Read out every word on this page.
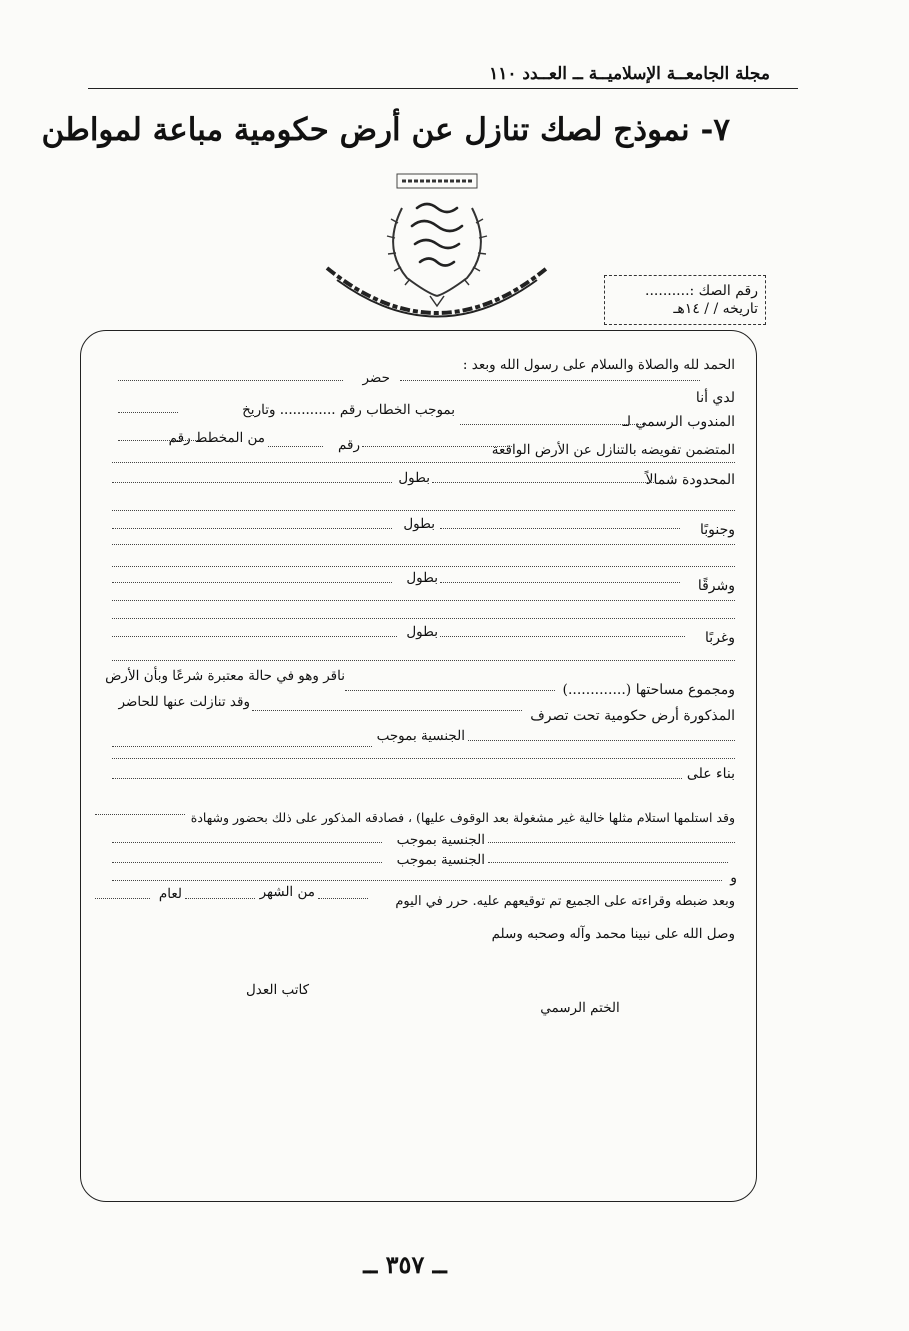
مجلة الجامعــة الإسلاميــة ــ العــدد ١١٠
٧- نموذج لصك تنازل عن أرض حكومية مباعة لمواطن
رقم الصك :..........
تاريخه / / ١٤هـ
الحمد لله والصلاة والسلام على رسول الله وبعد :
حضر
لدي أنا
بموجب الخطاب رقم ............. وتاريخ
المندوب الرسمي لـ
من المخطط رقم	رقم	المتضمن تفويضه بالتنازل عن الأرض الواقعة
بطول	المحدودة شمالاً
بطول	وجنوبًا
بطول	وشرقًا
بطول	وغربًا
ناقر وهو في حالة معتبرة شرعًا وبأن الأرض
ومجموع مساحتها (.............)
وقد تنازلت عنها للحاضر
المذكورة أرض حكومية تحت تصرف
الجنسية بموجب
بناء على
وقد استلمها استلام مثلها خالية غير مشغولة بعد الوقوف عليها) ، فصادقه المذكور على ذلك بحضور وشهادة
الجنسية بموجب
الجنسية بموجب
و
لعام	من الشهر
وبعد ضبطه وقراءته على الجميع تم توقيعهم عليه. حرر في اليوم
وصل الله على نبينا محمد وآله وصحبه وسلم
كاتب العدل
الختم الرسمي
ــ ٣٥٧ ــ
